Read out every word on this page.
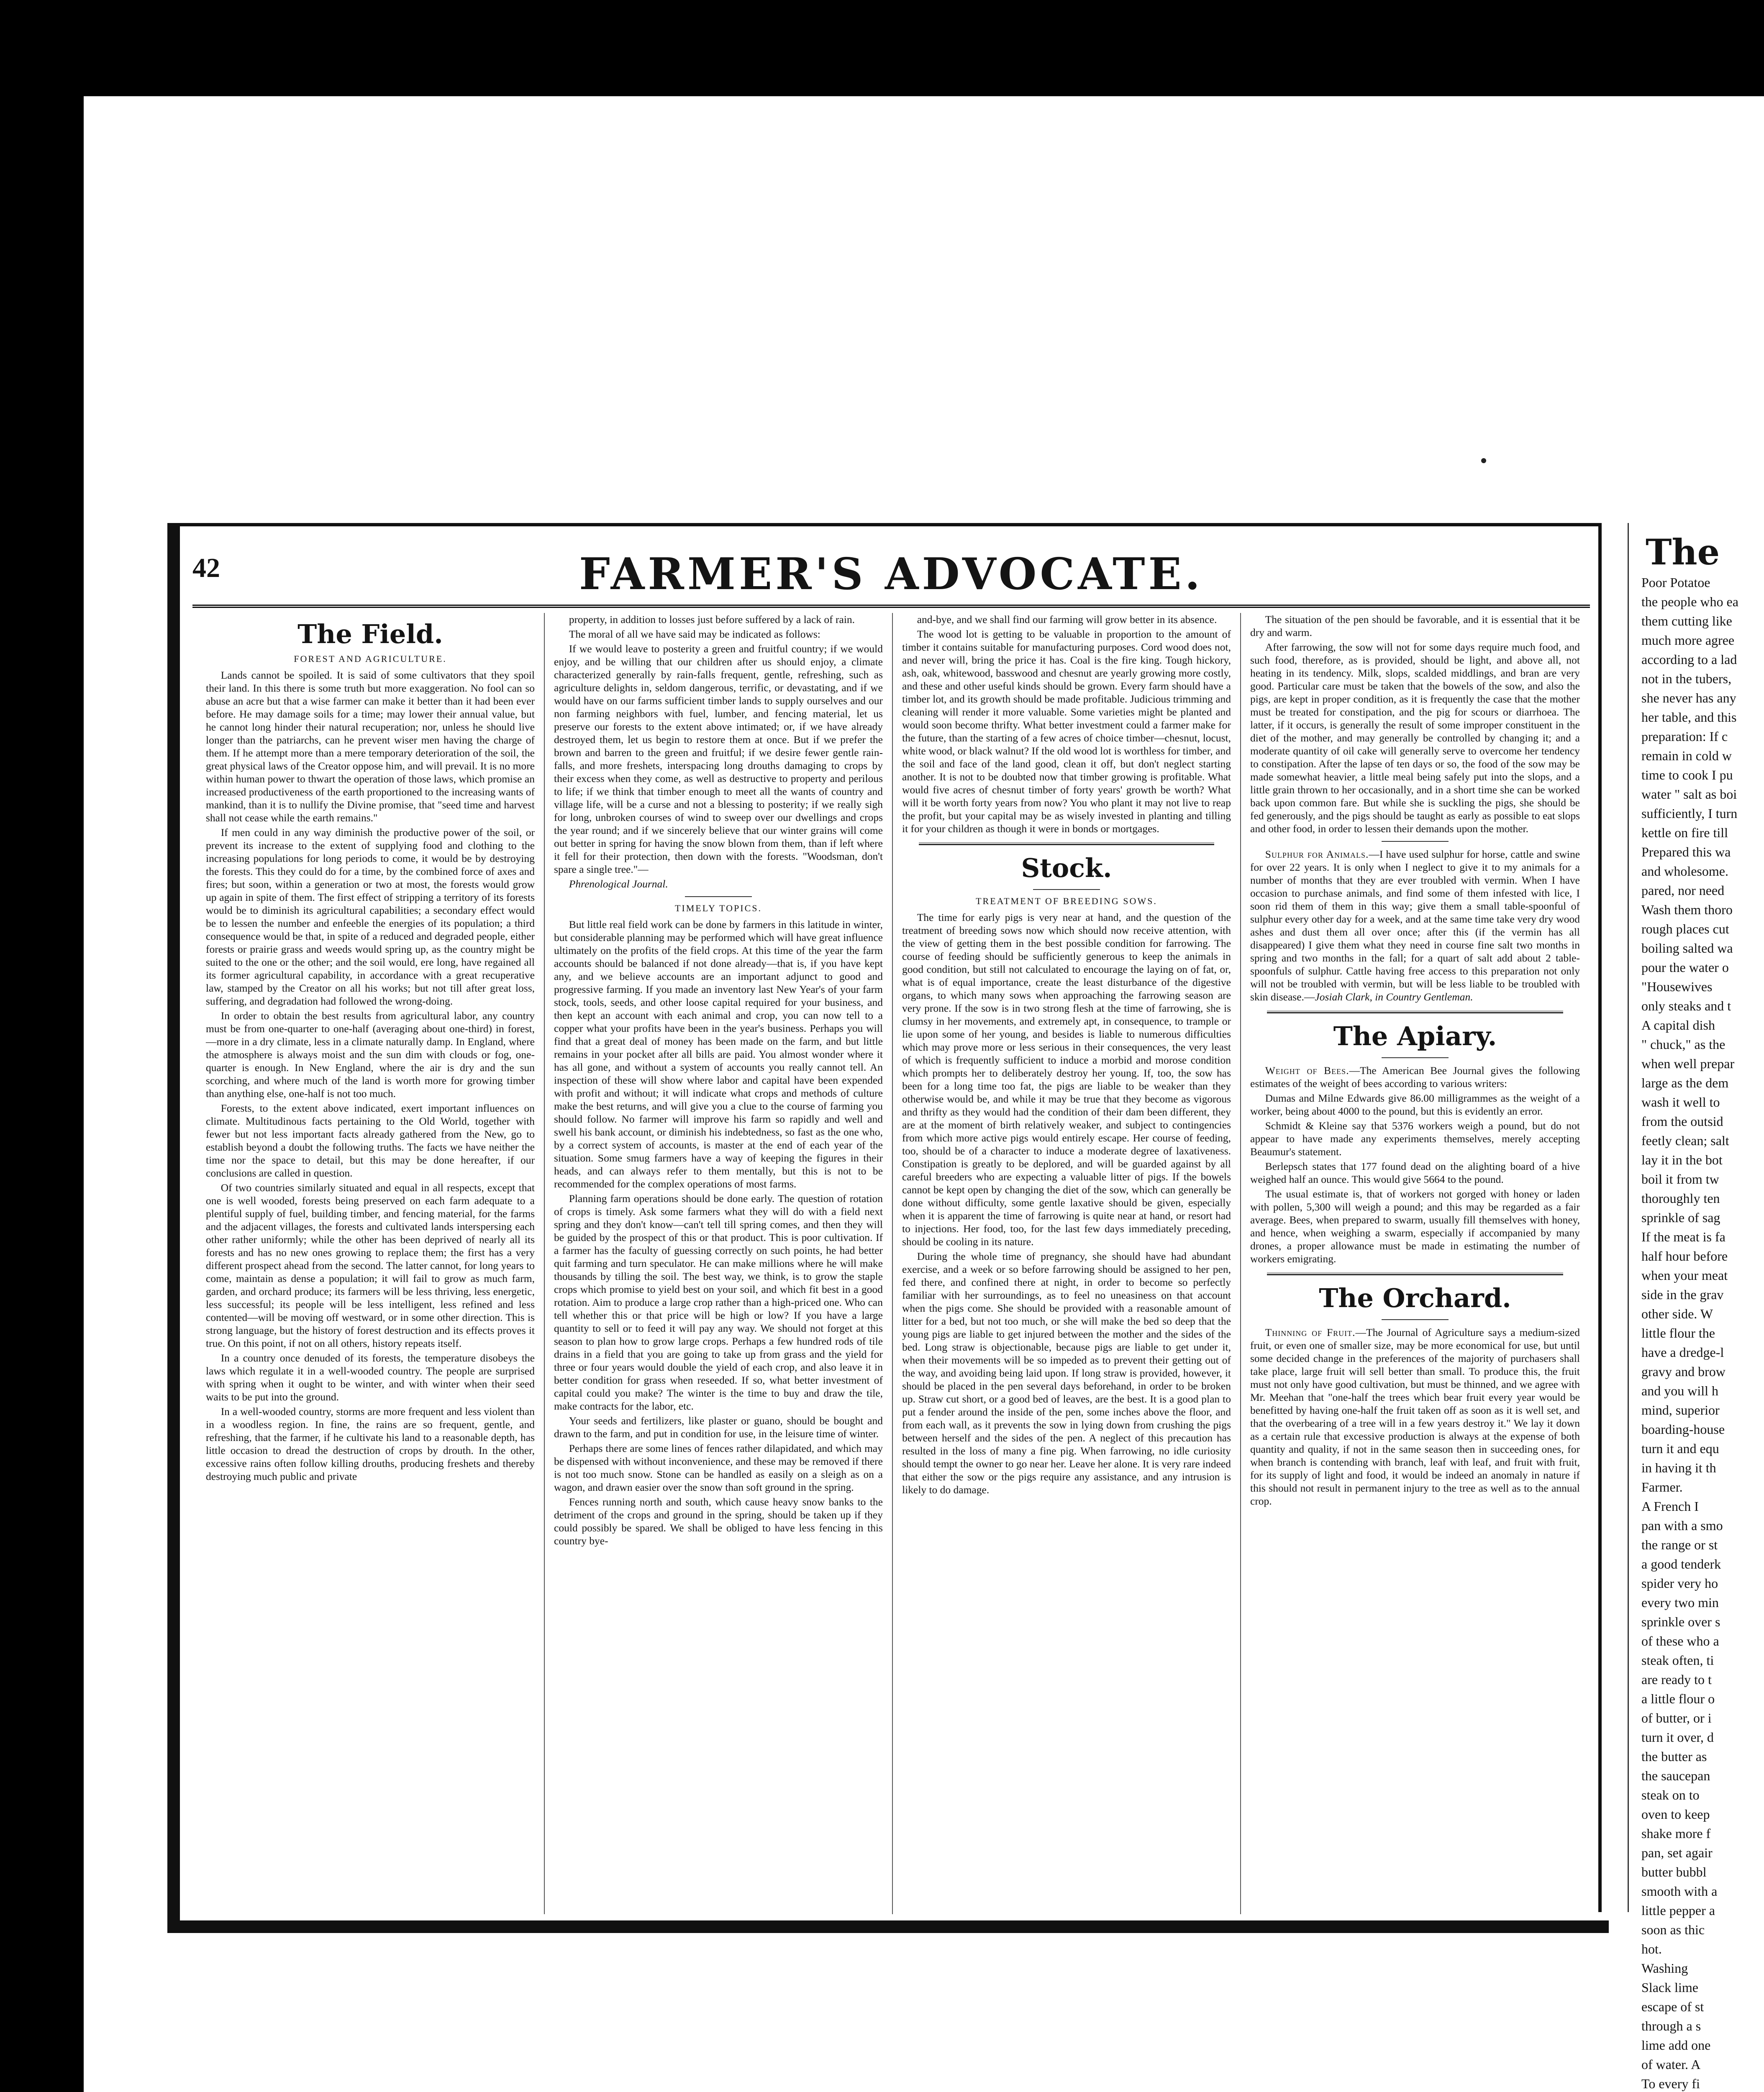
The

Poor Potatoe

the people who ea

them cutting like

much more agree

according to a lad

not in the tubers,

she never has any

her table, and this

preparation: If c

remain in cold w

time to cook I pu

water " salt as boi

sufficiently, I turn

kettle on fire till

Prepared this wa

and wholesome.

pared, nor need

Wash them thoro

rough places cut

boiling salted wa

pour the water o

"Housewives

only steaks and t

A capital dish

" chuck," as the

when well prepar

large as the dem

wash it well to

from the outsid

feetly clean; salt

lay it in the bot

boil it from tw

thoroughly ten

sprinkle of sag

If the meat is fa

half hour before

when your meat

side in the grav

other side. W

little flour the

have a dredge-l

gravy and brow

and you will h

mind, superior

boarding-house

turn it and equ

in having it th

Farmer.

A French I

pan with a smo

the range or st

a good tenderk

spider very ho

every two min

sprinkle over s

of these who a

steak often, ti

are ready to t

a little flour o

of butter, or i

turn it over, d

the butter as

the saucepan

steak on to

oven to keep

shake more f

pan, set agair

butter bubbl

smooth with a

little pepper a

soon as thic

hot.

Washing

Slack lime

escape of st

through a s

lime add one

of water. A

To every fi

42	FARMER'S ADVOCATE.
The Field.
FOREST AND AGRICULTURE.

Lands cannot be spoiled. It is said of some cultivators that they spoil their land. In this there is some truth but more exaggeration. No fool can so abuse an acre but that a wise farmer can make it better than it had been ever before. He may damage soils for a time; may lower their annual value, but he cannot long hinder their natural recuperation; nor, unless he should live longer than the patriarchs, can he prevent wiser men having the charge of them. If he attempt more than a mere temporary deterioration of the soil, the great physical laws of the Creator oppose him, and will prevail. It is no more within human power to thwart the operation of those laws, which promise an increased productiveness of the earth proportioned to the increasing wants of mankind, than it is to nullify the Divine promise, that "seed time and harvest shall not cease while the earth remains."

If men could in any way diminish the productive power of the soil, or prevent its increase to the extent of supplying food and clothing to the increasing populations for long periods to come, it would be by destroying the forests. This they could do for a time, by the combined force of axes and fires; but soon, within a generation or two at most, the forests would grow up again in spite of them. The first effect of stripping a territory of its forests would be to diminish its agricultural capabilities; a secondary effect would be to lessen the number and enfeeble the energies of its population; a third consequence would be that, in spite of a reduced and degraded people, either forests or prairie grass and weeds would spring up, as the country might be suited to the one or the other; and the soil would, ere long, have regained all its former agricultural capability, in accordance with a great recuperative law, stamped by the Creator on all his works; but not till after great loss, suffering, and degradation had followed the wrong-doing.

In order to obtain the best results from agricultural labor, any country must be from one-quarter to one-half (averaging about one-third) in forest,—more in a dry climate, less in a climate naturally damp. In England, where the atmosphere is always moist and the sun dim with clouds or fog, one-quarter is enough. In New England, where the air is dry and the sun scorching, and where much of the land is worth more for growing timber than anything else, one-half is not too much.

Forests, to the extent above indicated, exert important influences on climate. Multitudinous facts pertaining to the Old World, together with fewer but not less important facts already gathered from the New, go to establish beyond a doubt the following truths. The facts we have neither the time nor the space to detail, but this may be done hereafter, if our conclusions are called in question.

Of two countries similarly situated and equal in all respects, except that one is well wooded, forests being preserved on each farm adequate to a plentiful supply of fuel, building timber, and fencing material, for the farms and the adjacent villages, the forests and cultivated lands interspersing each other rather uniformly; while the other has been deprived of nearly all its forests and has no new ones growing to replace them; the first has a very different prospect ahead from the second. The latter cannot, for long years to come, maintain as dense a population; it will fail to grow as much farm, garden, and orchard produce; its farmers will be less thriving, less energetic, less successful; its people will be less intelligent, less refined and less contented—will be moving off westward, or in some other direction. This is strong language, but the history of forest destruction and its effects proves it true. On this point, if not on all others, history repeats itself.

In a country once denuded of its forests, the temperature disobeys the laws which regulate it in a well-wooded country. The people are surprised with spring when it ought to be winter, and with winter when their seed waits to be put into the ground.

In a well-wooded country, storms are more frequent and less violent than in a woodless region. In fine, the rains are so frequent, gentle, and refreshing, that the farmer, if he cultivate his land to a reasonable depth, has little occasion to dread the destruction of crops by drouth. In the other, excessive rains often follow killing drouths, producing freshets and thereby destroying much public and private

property, in addition to losses just before suffered by a lack of rain.

The moral of all we have said may be indicated as follows:

If we would leave to posterity a green and fruitful country; if we would enjoy, and be willing that our children after us should enjoy, a climate characterized generally by rain-falls frequent, gentle, refreshing, such as agriculture delights in, seldom dangerous, terrific, or devastating, and if we would have on our farms sufficient timber lands to supply ourselves and our non farming neighbors with fuel, lumber, and fencing material, let us preserve our forests to the extent above intimated; or, if we have already destroyed them, let us begin to restore them at once. But if we prefer the brown and barren to the green and fruitful; if we desire fewer gentle rain-falls, and more freshets, interspacing long drouths damaging to crops by their excess when they come, as well as destructive to property and perilous to life; if we think that timber enough to meet all the wants of country and village life, will be a curse and not a blessing to posterity; if we really sigh for long, unbroken courses of wind to sweep over our dwellings and crops the year round; and if we sincerely believe that our winter grains will come out better in spring for having the snow blown from them, than if left where it fell for their protection, then down with the forests. "Woodsman, don't spare a single tree."—

Phrenological Journal.

TIMELY TOPICS.

But little real field work can be done by farmers in this latitude in winter, but considerable planning may be performed which will have great influence ultimately on the profits of the field crops. At this time of the year the farm accounts should be balanced if not done already—that is, if you have kept any, and we believe accounts are an important adjunct to good and progressive farming. If you made an inventory last New Year's of your farm stock, tools, seeds, and other loose capital required for your business, and then kept an account with each animal and crop, you can now tell to a copper what your profits have been in the year's business. Perhaps you will find that a great deal of money has been made on the farm, and but little remains in your pocket after all bills are paid. You almost wonder where it has all gone, and without a system of accounts you really cannot tell. An inspection of these will show where labor and capital have been expended with profit and without; it will indicate what crops and methods of culture make the best returns, and will give you a clue to the course of farming you should follow. No farmer will improve his farm so rapidly and well and swell his bank account, or diminish his indebtedness, so fast as the one who, by a correct system of accounts, is master at the end of each year of the situation. Some smug farmers have a way of keeping the figures in their heads, and can always refer to them mentally, but this is not to be recommended for the complex operations of most farms.

Planning farm operations should be done early. The question of rotation of crops is timely. Ask some farmers what they will do with a field next spring and they don't know—can't tell till spring comes, and then they will be guided by the prospect of this or that product. This is poor cultivation. If a farmer has the faculty of guessing correctly on such points, he had better quit farming and turn speculator. He can make millions where he will make thousands by tilling the soil. The best way, we think, is to grow the staple crops which promise to yield best on your soil, and which fit best in a good rotation. Aim to produce a large crop rather than a high-priced one. Who can tell whether this or that price will be high or low? If you have a large quantity to sell or to feed it will pay any way. We should not forget at this season to plan how to grow large crops. Perhaps a few hundred rods of tile drains in a field that you are going to take up from grass and the yield for three or four years would double the yield of each crop, and also leave it in better condition for grass when reseeded. If so, what better investment of capital could you make? The winter is the time to buy and draw the tile, make contracts for the labor, etc.

Your seeds and fertilizers, like plaster or guano, should be bought and drawn to the farm, and put in condition for use, in the leisure time of winter.

Perhaps there are some lines of fences rather dilapidated, and which may be dispensed with without inconvenience, and these may be removed if there is not too much snow. Stone can be handled as easily on a sleigh as on a wagon, and drawn easier over the snow than soft ground in the spring.

Fences running north and south, which cause heavy snow banks to the detriment of the crops and ground in the spring, should be taken up if they could possibly be spared. We shall be obliged to have less fencing in this country bye-

and-bye, and we shall find our farming will grow better in its absence.

The wood lot is getting to be valuable in proportion to the amount of timber it contains suitable for manufacturing purposes. Cord wood does not, and never will, bring the price it has. Coal is the fire king. Tough hickory, ash, oak, whitewood, basswood and chesnut are yearly growing more costly, and these and other useful kinds should be grown. Every farm should have a timber lot, and its growth should be made profitable. Judicious trimming and cleaning will render it more valuable. Some varieties might be planted and would soon become thrifty. What better investment could a farmer make for the future, than the starting of a few acres of choice timber—chesnut, locust, white wood, or black walnut? If the old wood lot is worthless for timber, and the soil and face of the land good, clean it off, but don't neglect starting another. It is not to be doubted now that timber growing is profitable. What would five acres of chesnut timber of forty years' growth be worth? What will it be worth forty years from now? You who plant it may not live to reap the profit, but your capital may be as wisely invested in planting and tilling it for your children as though it were in bonds or mortgages.

Stock.
TREATMENT OF BREEDING SOWS.

The time for early pigs is very near at hand, and the question of the treatment of breeding sows now which should now receive attention, with the view of getting them in the best possible condition for farrowing. The course of feeding should be sufficiently generous to keep the animals in good condition, but still not calculated to encourage the laying on of fat, or, what is of equal importance, create the least disturbance of the digestive organs, to which many sows when approaching the farrowing season are very prone. If the sow is in two strong flesh at the time of farrowing, she is clumsy in her movements, and extremely apt, in consequence, to trample or lie upon some of her young, and besides is liable to numerous difficulties which may prove more or less serious in their consequences, the very least of which is frequently sufficient to induce a morbid and morose condition which prompts her to deliberately destroy her young. If, too, the sow has been for a long time too fat, the pigs are liable to be weaker than they otherwise would be, and while it may be true that they become as vigorous and thrifty as they would had the condition of their dam been different, they are at the moment of birth relatively weaker, and subject to contingencies from which more active pigs would entirely escape. Her course of feeding, too, should be of a character to induce a moderate degree of laxativeness. Constipation is greatly to be deplored, and will be guarded against by all careful breeders who are expecting a valuable litter of pigs. If the bowels cannot be kept open by changing the diet of the sow, which can generally be done without difficulty, some gentle laxative should be given, especially when it is apparent the time of farrowing is quite near at hand, or resort had to injections. Her food, too, for the last few days immediately preceding, should be cooling in its nature.

During the whole time of pregnancy, she should have had abundant exercise, and a week or so before farrowing should be assigned to her pen, fed there, and confined there at night, in order to become so perfectly familiar with her surroundings, as to feel no uneasiness on that account when the pigs come. She should be provided with a reasonable amount of litter for a bed, but not too much, or she will make the bed so deep that the young pigs are liable to get injured between the mother and the sides of the bed. Long straw is objectionable, because pigs are liable to get under it, when their movements will be so impeded as to prevent their getting out of the way, and avoiding being laid upon. If long straw is provided, however, it should be placed in the pen several days beforehand, in order to be broken up. Straw cut short, or a good bed of leaves, are the best. It is a good plan to put a fender around the inside of the pen, some inches above the floor, and from each wall, as it prevents the sow in lying down from crushing the pigs between herself and the sides of the pen. A neglect of this precaution has resulted in the loss of many a fine pig. When farrowing, no idle curiosity should tempt the owner to go near her. Leave her alone. It is very rare indeed that either the sow or the pigs require any assistance, and any intrusion is likely to do damage.

The situation of the pen should be favorable, and it is essential that it be dry and warm.

After farrowing, the sow will not for some days require much food, and such food, therefore, as is provided, should be light, and above all, not heating in its tendency. Milk, slops, scalded middlings, and bran are very good. Particular care must be taken that the bowels of the sow, and also the pigs, are kept in proper condition, as it is frequently the case that the mother must be treated for constipation, and the pig for scours or diarrhoea. The latter, if it occurs, is generally the result of some improper constituent in the diet of the mother, and may generally be controlled by changing it; and a moderate quantity of oil cake will generally serve to overcome her tendency to constipation. After the lapse of ten days or so, the food of the sow may be made somewhat heavier, a little meal being safely put into the slops, and a little grain thrown to her occasionally, and in a short time she can be worked back upon common fare. But while she is suckling the pigs, she should be fed generously, and the pigs should be taught as early as possible to eat slops and other food, in order to lessen their demands upon the mother.

Sulphur for Animals.—I have used sulphur for horse, cattle and swine for over 22 years. It is only when I neglect to give it to my animals for a number of months that they are ever troubled with vermin. When I have occasion to purchase animals, and find some of them infested with lice, I soon rid them of them in this way; give them a small table-spoonful of sulphur every other day for a week, and at the same time take very dry wood ashes and dust them all over once; after this (if the vermin has all disappeared) I give them what they need in course fine salt two months in spring and two months in the fall; for a quart of salt add about 2 table-spoonfuls of sulphur. Cattle having free access to this preparation not only will not be troubled with vermin, but will be less liable to be troubled with skin disease.—Josiah Clark, in Country Gentleman.

The Apiary.

Weight of Bees.—The American Bee Journal gives the following estimates of the weight of bees according to various writers:

Dumas and Milne Edwards give 86.00 milligrammes as the weight of a worker, being about 4000 to the pound, but this is evidently an error.

Schmidt & Kleine say that 5376 workers weigh a pound, but do not appear to have made any experiments themselves, merely accepting Beaumur's statement.

Berlepsch states that 177 found dead on the alighting board of a hive weighed half an ounce. This would give 5664 to the pound.

The usual estimate is, that of workers not gorged with honey or laden with pollen, 5,300 will weigh a pound; and this may be regarded as a fair average. Bees, when prepared to swarm, usually fill themselves with honey, and hence, when weighing a swarm, especially if accompanied by many drones, a proper allowance must be made in estimating the number of workers emigrating.

The Orchard.

Thinning of Fruit.—The Journal of Agriculture says a medium-sized fruit, or even one of smaller size, may be more economical for use, but until some decided change in the preferences of the majority of purchasers shall take place, large fruit will sell better than small. To produce this, the fruit must not only have good cultivation, but must be thinned, and we agree with Mr. Meehan that "one-half the trees which bear fruit every year would be benefitted by having one-half the fruit taken off as soon as it is well set, and that the overbearing of a tree will in a few years destroy it." We lay it down as a certain rule that excessive production is always at the expense of both quantity and quality, if not in the same season then in succeeding ones, for when branch is contending with branch, leaf with leaf, and fruit with fruit, for its supply of light and food, it would be indeed an anomaly in nature if this should not result in permanent injury to the tree as well as to the annual crop.
